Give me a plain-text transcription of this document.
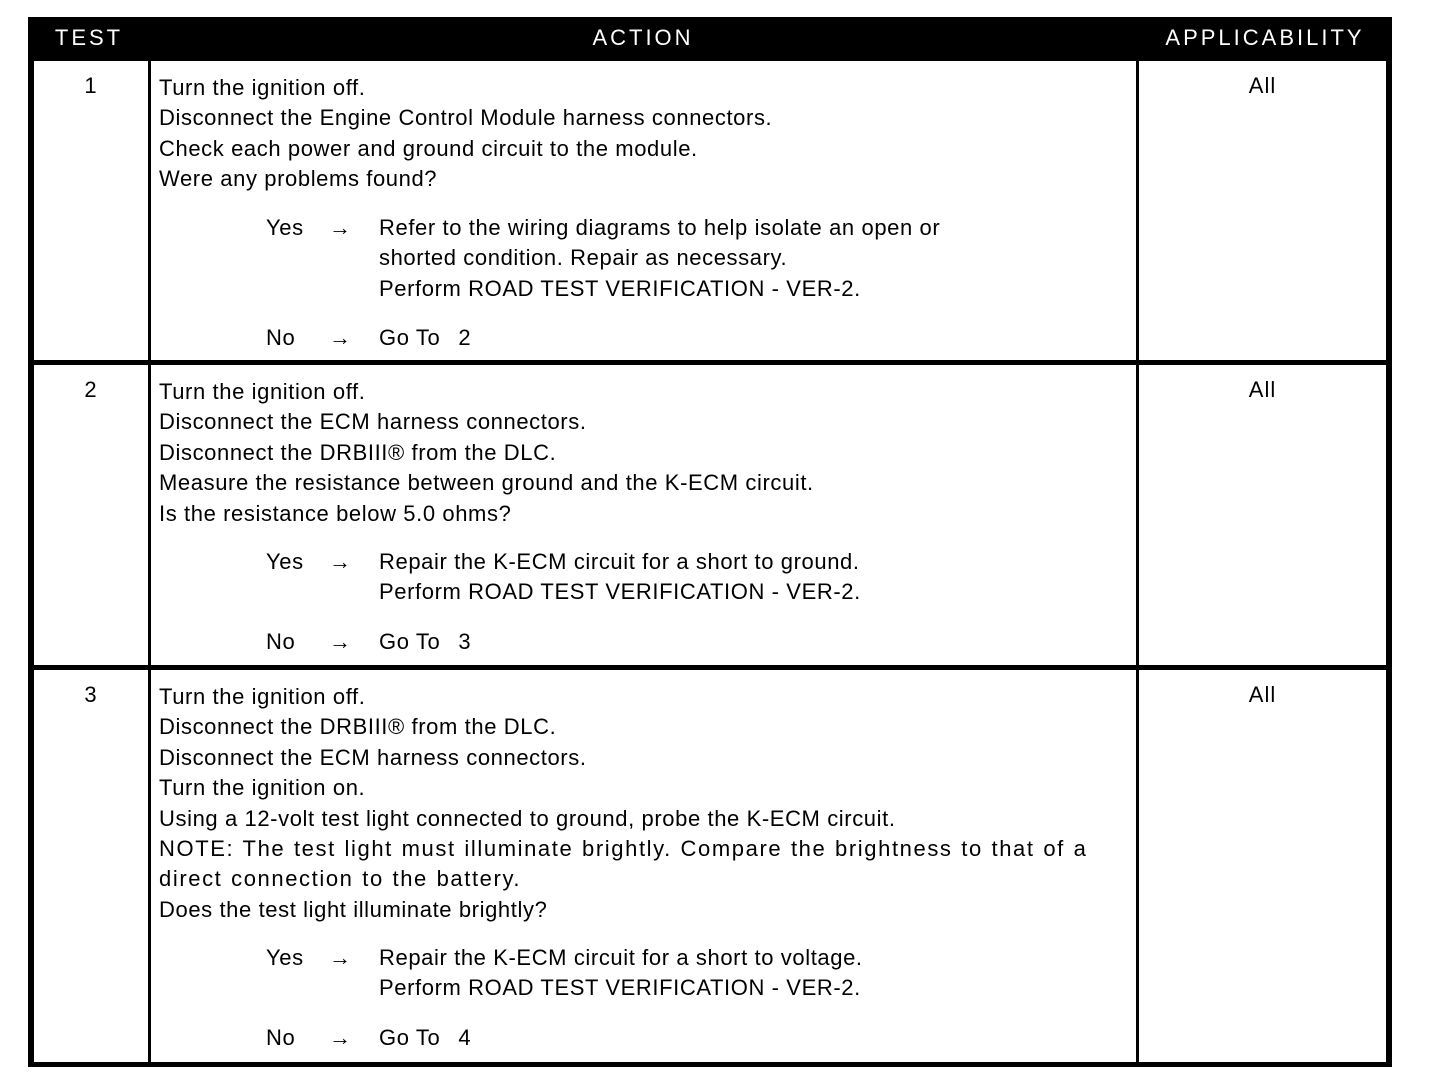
TEST	ACTION	APPLICABILITY
1	Turn the ignition off.
Disconnect the Engine Control Module harness connectors.
Check each power and ground circuit to the module.
Were any problems found?
Yes	→	Refer to the wiring diagrams to help isolate an open or
shorted condition. Repair as necessary.
Perform ROAD TEST VERIFICATION - VER-2.
No	→	Go To 2
All
2	Turn the ignition off.
Disconnect the ECM harness connectors.
Disconnect the DRBIII® from the DLC.
Measure the resistance between ground and the K-ECM circuit.
Is the resistance below 5.0 ohms?
Yes	→	Repair the K-ECM circuit for a short to ground.
Perform ROAD TEST VERIFICATION - VER-2.
No	→	Go To 3
All
3	Turn the ignition off.
Disconnect the DRBIII® from the DLC.
Disconnect the ECM harness connectors.
Turn the ignition on.
Using a 12-volt test light connected to ground, probe the K-ECM circuit.
NOTE: The test light must illuminate brightly. Compare the brightness to that of a direct connection to the battery.
Does the test light illuminate brightly?
Yes	→	Repair the K-ECM circuit for a short to voltage.
Perform ROAD TEST VERIFICATION - VER-2.
No	→	Go To 4
All
